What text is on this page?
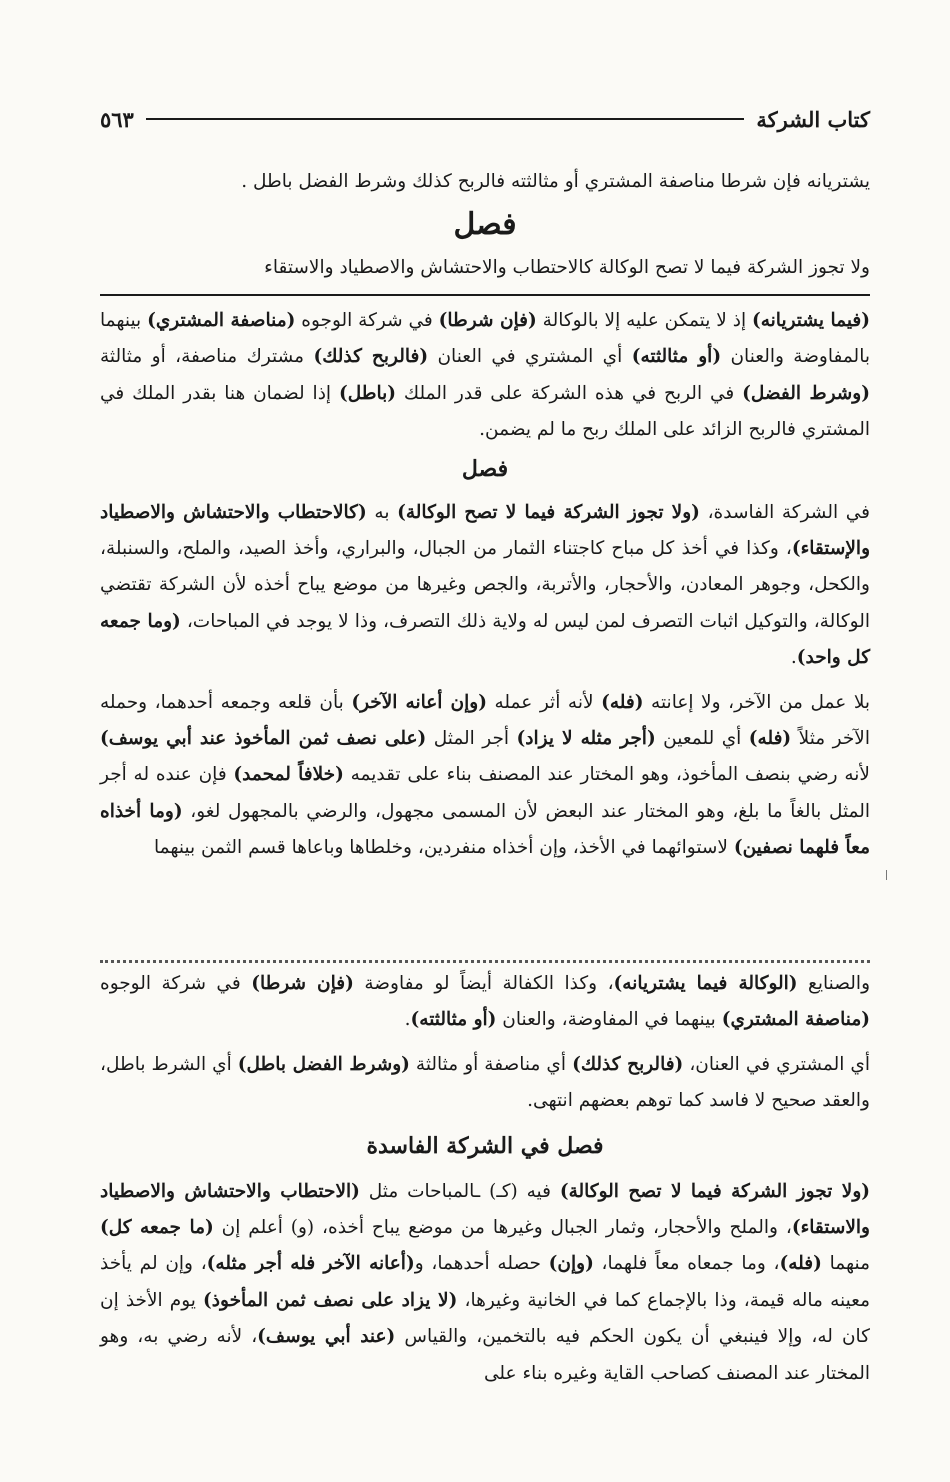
كتاب الشركة
٥٦٣

يشتريانه فإن شرطا مناصفة المشتري أو مثالثته فالربح كذلك وشرط الفضل باطل .

فصل

ولا تجوز الشركة فيما لا تصح الوكالة كالاحتطاب والاحتشاش والاصطياد والاستقاء

(فيما يشتريانه) إذ لا يتمكن عليه إلا بالوكالة (فإن شرطا) في شركة الوجوه (مناصفة المشتري) بينهما بالمفاوضة والعنان (أو مثالثته) أي المشتري في العنان (فالربح كذلك) مشترك مناصفة، أو مثالثة (وشرط الفضل) في الربح في هذه الشركة على قدر الملك (باطل) إذا لضمان هنا بقدر الملك في المشتري فالربح الزائد على الملك ربح ما لم يضمن.

فصل

في الشركة الفاسدة، (ولا تجوز الشركة فيما لا تصح الوكالة) به (كالاحتطاب والاحتشاش والاصطياد والإستقاء)، وكذا في أخذ كل مباح كاجتناء الثمار من الجبال، والبراري، وأخذ الصيد، والملح، والسنبلة، والكحل، وجوهر المعادن، والأحجار، والأتربة، والجص وغيرها من موضع يباح أخذه لأن الشركة تقتضي الوكالة، والتوكيل اثبات التصرف لمن ليس له ولاية ذلك التصرف، وذا لا يوجد في المباحات، (وما جمعه كل واحد).

بلا عمل من الآخر، ولا إعانته (فله) لأنه أثر عمله (وإن أعانه الآخر) بأن قلعه وجمعه أحدهما، وحمله الآخر مثلاً (فله) أي للمعين (أجر مثله لا يزاد) أجر المثل (على نصف ثمن المأخوذ عند أبي يوسف) لأنه رضي بنصف المأخوذ، وهو المختار عند المصنف بناء على تقديمه (خلافاً لمحمد) فإن عنده له أجر المثل بالغاً ما بلغ، وهو المختار عند البعض لأن المسمى مجهول، والرضي بالمجهول لغو، (وما أخذاه معاً فلهما نصفين) لاستوائهما في الأخذ، وإن أخذاه منفردين، وخلطاها وباعاها قسم الثمن بينهما

والصنايع (الوكالة فيما يشتريانه)، وكذا الكفالة أيضاً لو مفاوضة (فإن شرطا) في شركة الوجوه (مناصفة المشتري) بينهما في المفاوضة، والعنان (أو مثالثته).

أي المشتري في العنان، (فالربح كذلك) أي مناصفة أو مثالثة (وشرط الفضل باطل) أي الشرط باطل، والعقد صحيح لا فاسد كما توهم بعضهم انتهى.

فصل في الشركة الفاسدة

(ولا تجوز الشركة فيما لا تصح الوكالة) فيه (كـ) ـالمباحات مثل (الاحتطاب والاحتشاش والاصطياد والاستقاء)، والملح والأحجار، وثمار الجبال وغيرها من موضع يباح أخذه، (و) أعلم إن (ما جمعه كل) منهما (فله)، وما جمعاه معاً فلهما، (وإن) حصله أحدهما، و(أعانه الآخر فله أجر مثله)، وإن لم يأخذ معينه ماله قيمة، وذا بالإجماع كما في الخانية وغيرها، (لا يزاد على نصف ثمن المأخوذ) يوم الأخذ إن كان له، وإلا فينبغي أن يكون الحكم فيه بالتخمين، والقياس (عند أبي يوسف)، لأنه رضي به، وهو المختار عند المصنف كصاحب القاية وغيره بناء على
